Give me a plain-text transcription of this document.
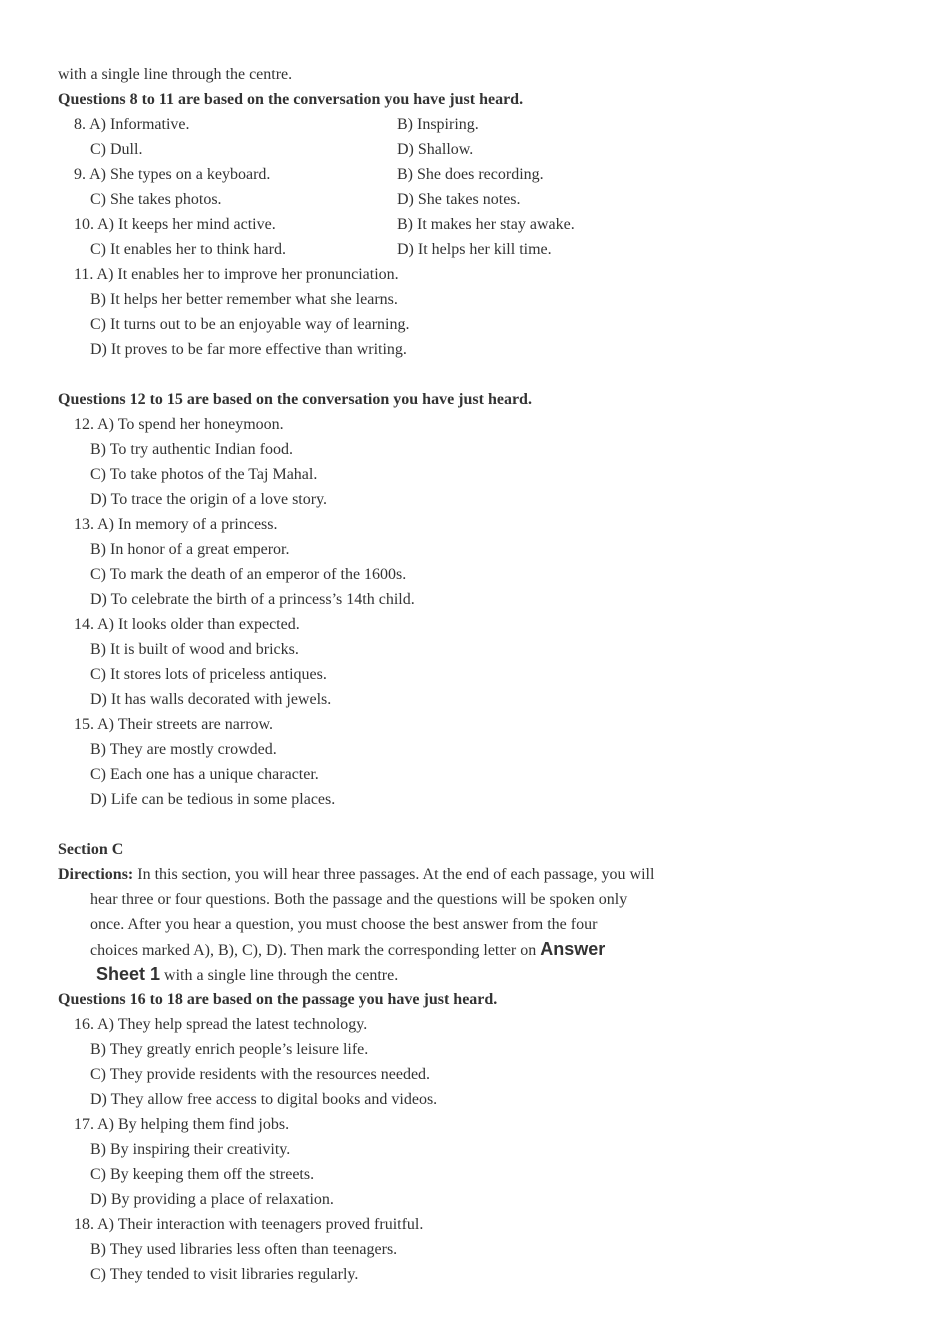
with a single line through the centre.
Questions 8 to 11 are based on the conversation you have just heard.
8. A) Informative.	B) Inspiring.
C) Dull.	D) Shallow.
9. A) She types on a keyboard.	B) She does recording.
C) She takes photos.	D) She takes notes.
10. A) It keeps her mind active.	B) It makes her stay awake.
C) It enables her to think hard.	D) It helps her kill time.
11. A) It enables her to improve her pronunciation.
B) It helps her better remember what she learns.
C) It turns out to be an enjoyable way of learning.
D) It proves to be far more effective than writing.
Questions 12 to 15 are based on the conversation you have just heard.
12. A) To spend her honeymoon.
B) To try authentic Indian food.
C) To take photos of the Taj Mahal.
D) To trace the origin of a love story.
13. A) In memory of a princess.
B) In honor of a great emperor.
C) To mark the death of an emperor of the 1600s.
D) To celebrate the birth of a princess’s 14th child.
14. A) It looks older than expected.
B) It is built of wood and bricks.
C) It stores lots of priceless antiques.
D) It has walls decorated with jewels.
15. A) Their streets are narrow.
B) They are mostly crowded.
C) Each one has a unique character.
D) Life can be tedious in some places.
Section C
Directions: In this section, you will hear three passages. At the end of each passage, you will
hear three or four questions. Both the passage and the questions will be spoken only
once. After you hear a question, you must choose the best answer from the four
choices marked A), B), C), D). Then mark the corresponding letter on Answer
Sheet 1 with a single line through the centre.
Questions 16 to 18 are based on the passage you have just heard.
16. A) They help spread the latest technology.
B) They greatly enrich people’s leisure life.
C) They provide residents with the resources needed.
D) They allow free access to digital books and videos.
17. A) By helping them find jobs.
B) By inspiring their creativity.
C) By keeping them off the streets.
D) By providing a place of relaxation.
18. A) Their interaction with teenagers proved fruitful.
B) They used libraries less often than teenagers.
C) They tended to visit libraries regularly.
